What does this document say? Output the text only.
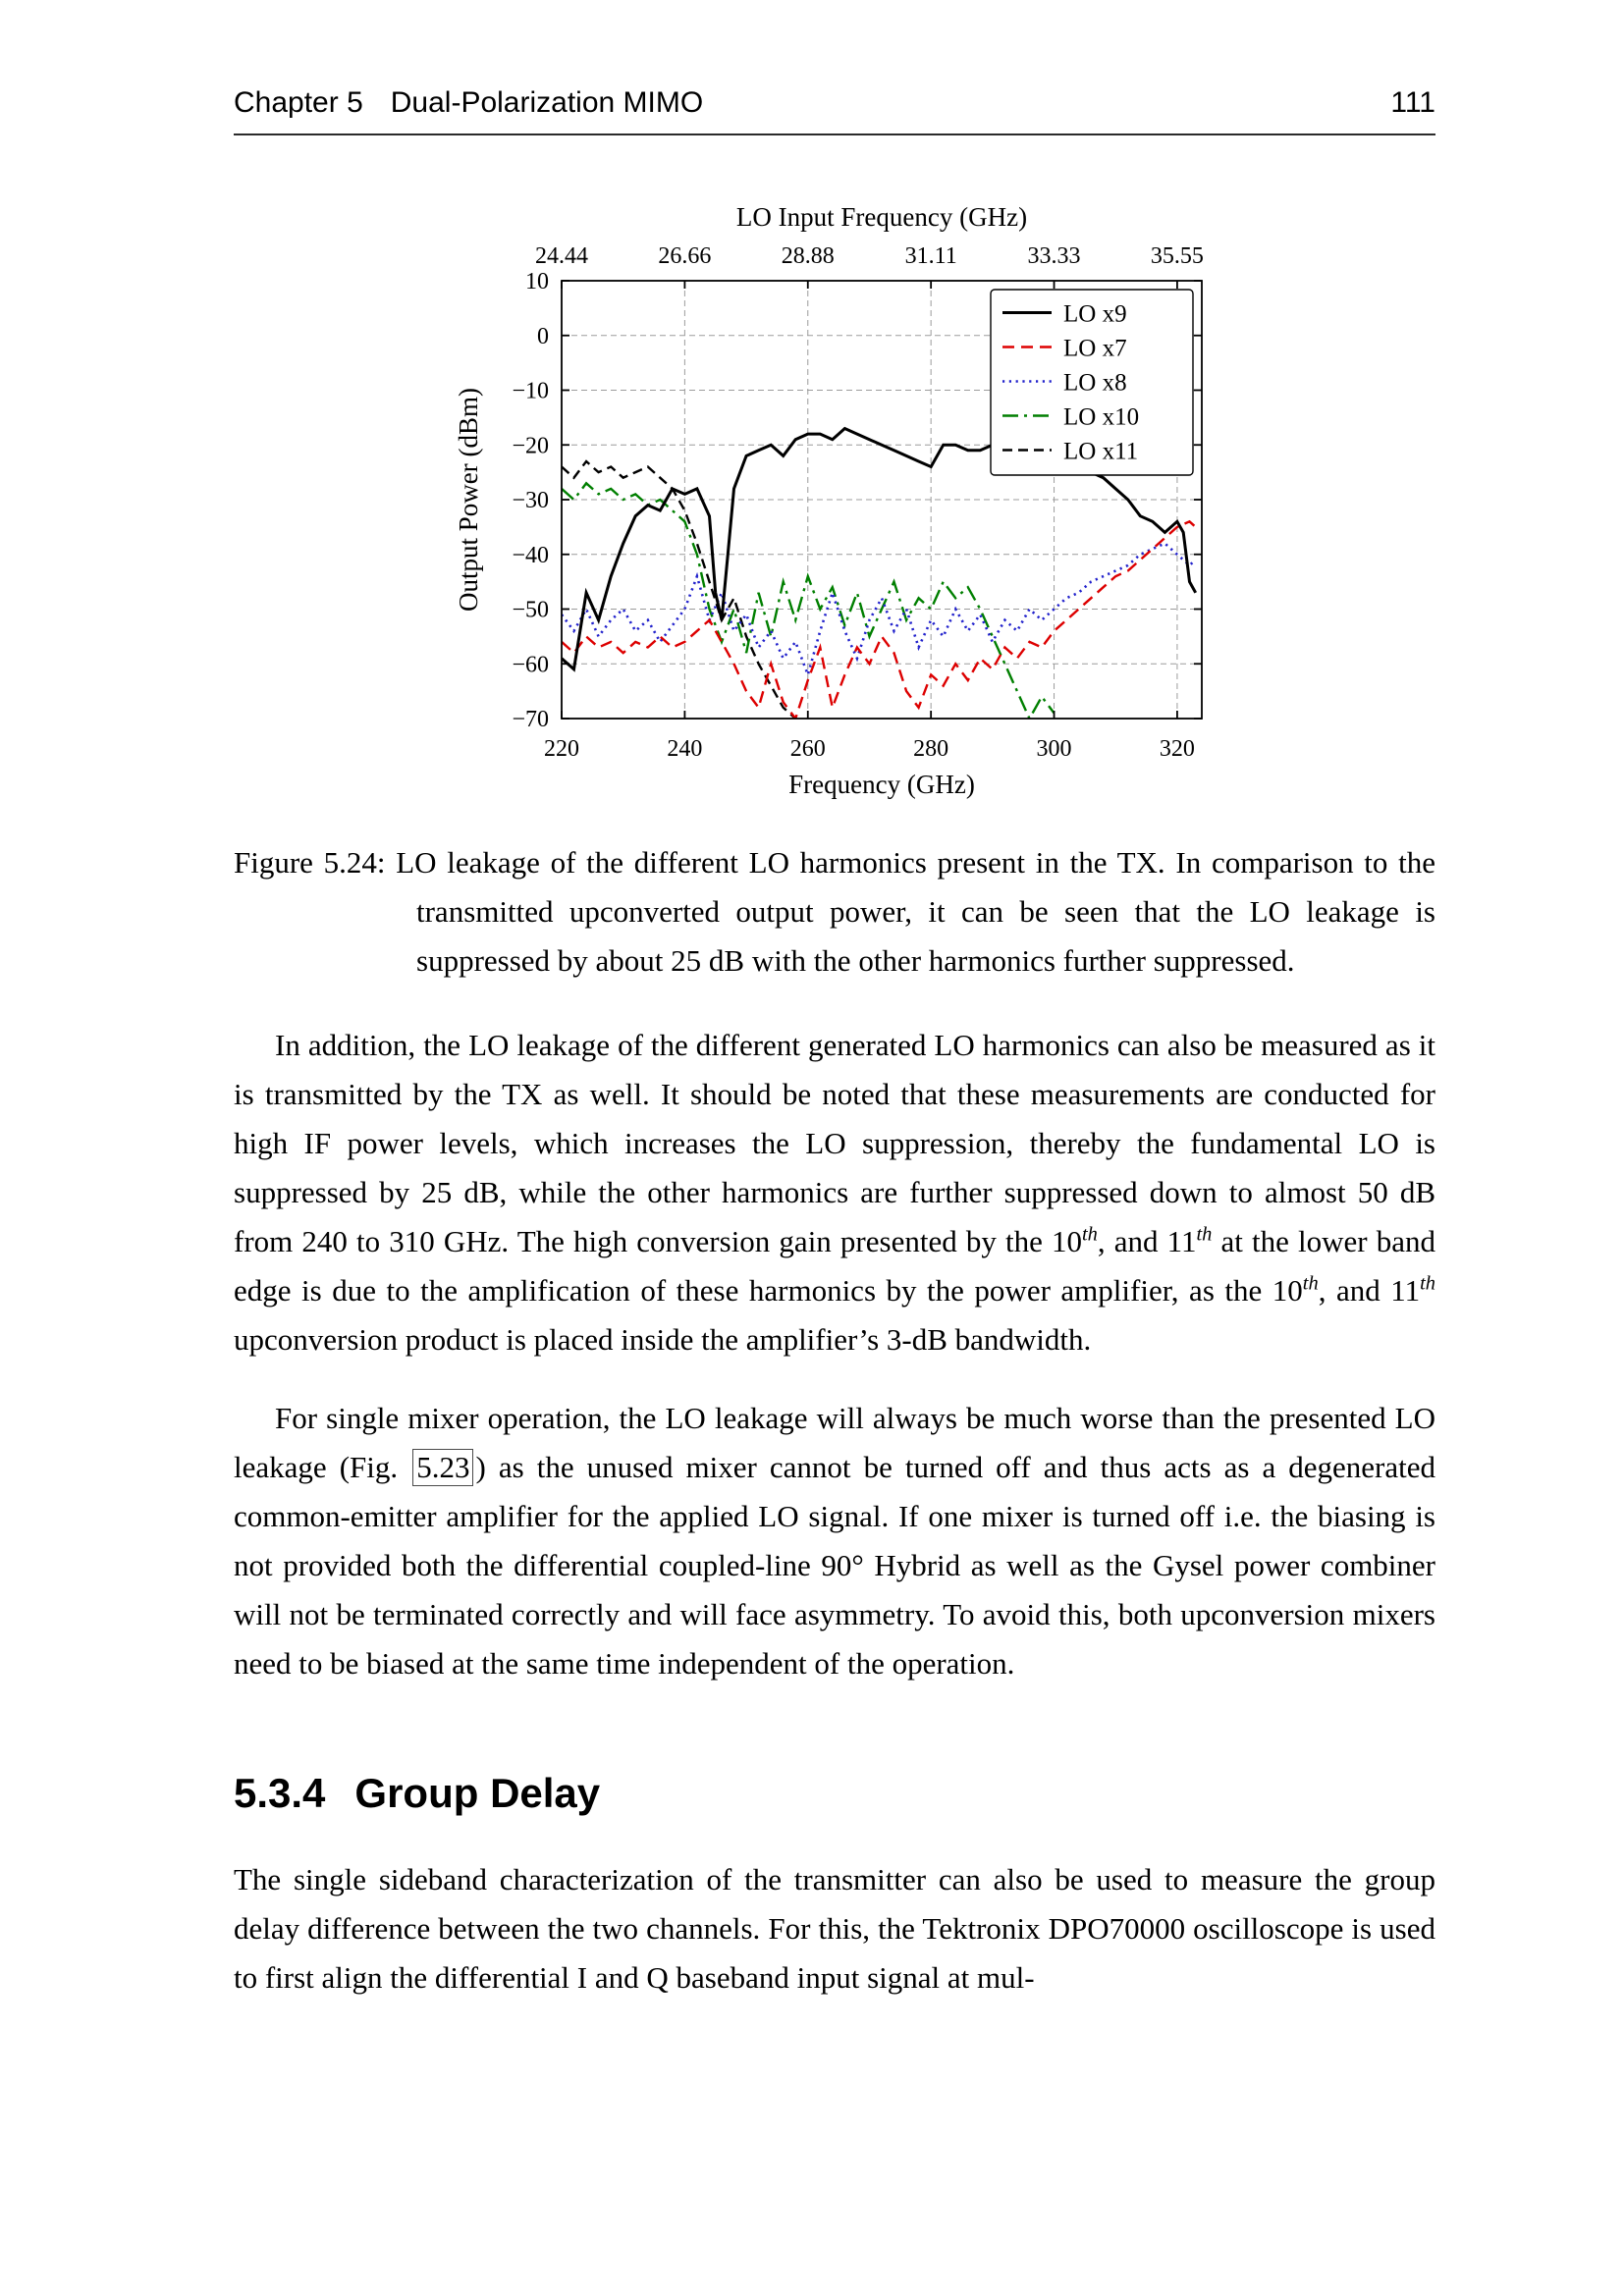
Chapter 5 Dual-Polarization MIMO	111
220
24.44
240
26.66
260
28.88
280
31.11
300
33.33
320
35.55
10
0
−10
−20
−30
−40
−50
−60
−70
Frequency (GHz)
LO Input Frequency (GHz)
Output Power (dBm)
LO x9
LO x7
LO x8
LO x10
LO x11
Figure 5.24: LO leakage of the different LO harmonics present in the TX. In comparison to the transmitted upconverted output power, it can be seen that the LO leakage is suppressed by about 25 dB with the other harmonics further suppressed.

In addition, the LO leakage of the different generated LO harmonics can also be measured as it is transmitted by the TX as well. It should be noted that these measurements are conducted for high IF power levels, which increases the LO suppression, thereby the fundamental LO is suppressed by 25 dB, while the other harmonics are further suppressed down to almost 50 dB from 240 to 310 GHz. The high conversion gain presented by the 10th, and 11th at the lower band edge is due to the amplification of these harmonics by the power amplifier, as the 10th, and 11th upconversion product is placed inside the amplifier’s 3-dB bandwidth.

For single mixer operation, the LO leakage will always be much worse than the presented LO leakage (Fig. 5.23 ) as the unused mixer cannot be turned off and thus acts as a degenerated common-emitter amplifier for the applied LO signal. If one mixer is turned off i.e. the biasing is not provided both the differential coupled-line 90° Hybrid as well as the Gysel power combiner will not be terminated correctly and will face asymmetry. To avoid this, both upconversion mixers need to be biased at the same time independent of the operation.

5.3.4 Group Delay

The single sideband characterization of the transmitter can also be used to measure the group delay difference between the two channels. For this, the Tektronix DPO70000 oscilloscope is used to first align the differential I and Q baseband input signal at mul-
